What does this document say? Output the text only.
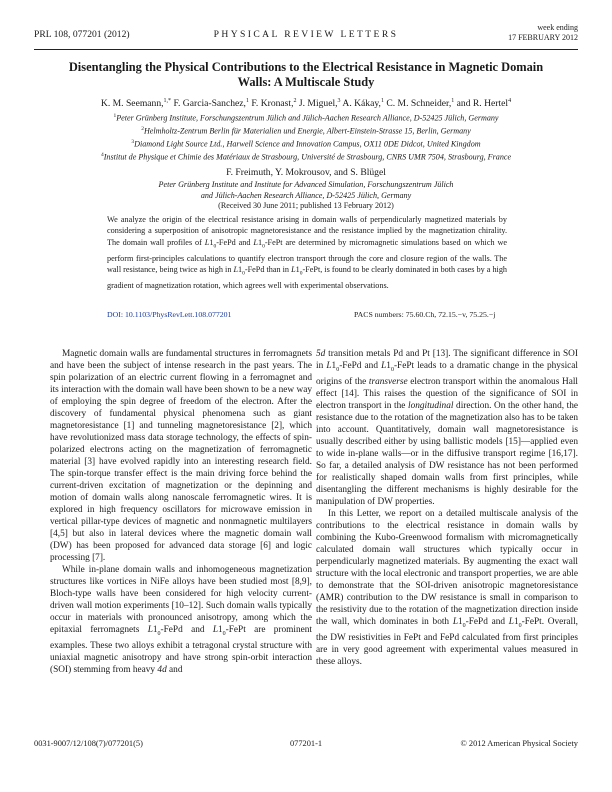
PRL 108, 077201 (2012)	PHYSICAL REVIEW LETTERS
week ending
17 FEBRUARY 2012
Disentangling the Physical Contributions to the Electrical Resistance in Magnetic Domain Walls: A Multiscale Study
K. M. Seemann,$^{1,*}$ F. Garcia-Sanchez,$^1$ F. Kronast,$^2$ J. Miguel,$^3$ A. Kákay,$^1$ C. M. Schneider,$^1$ and R. Hertel$^4$
$^1$Peter Grünberg Institute, Forschungszentrum Jülich and Jülich-Aachen Research Alliance, D-52425 Jülich, Germany
$^2$Helmholtz-Zentrum Berlin für Materialien und Energie, Albert-Einstein-Strasse 15, Berlin, Germany
$^3$Diamond Light Source Ltd., Harwell Science and Innovation Campus, OX11 0DE Didcot, United Kingdom
$^4$Institut de Physique et Chimie des Matériaux de Strasbourg, Université de Strasbourg, CNRS UMR 7504, Strasbourg, France
F. Freimuth, Y. Mokrousov, and S. Blügel
Peter Grünberg Institute and Institute for Advanced Simulation, Forschungszentrum Jülich
and Jülich-Aachen Research Alliance, D-52425 Jülich, Germany
(Received 30 June 2011; published 13 February 2012)
We analyze the origin of the electrical resistance arising in domain walls of perpendicularly magnetized materials by considering a superposition of anisotropic magnetoresistance and the resistance implied by the magnetization chirality. The domain wall profiles of $L1_0$-FePd and $L1_0$-FePt are determined by micromagnetic simulations based on which we perform first-principles calculations to quantify electron transport through the core and closure region of the walls. The wall resistance, being twice as high in $L1_0$-FePd than in $L1_0$-FePt, is found to be clearly dominated in both cases by a high gradient of magnetization rotation, which agrees well with experimental observations.
DOI: 10.1103/PhysRevLett.108.077201	PACS numbers: 75.60.Ch, 72.15.−v, 75.25.−j

Magnetic domain walls are fundamental structures in ferromagnets and have been the subject of intense research in the past years. The spin polarization of an electric current flowing in a ferromagnet and its interaction with the domain wall have been shown to be a new way of employing the spin degree of freedom of the electron. After the discovery of fundamental physical phenomena such as giant magnetoresistance [1] and tunneling magnetoresistance [2], which have revolutionized mass data storage technology, the effects of spin-polarized electrons acting on the magnetization of ferromagnetic material [3] have evolved rapidly into an interesting research field. The spin-torque transfer effect is the main driving force behind the current-driven excitation of magnetization or the depinning and motion of domain walls along nanoscale ferromagnetic wires. It is explored in high frequency oscillators for microwave emission in vertical pillar-type devices of magnetic and nonmagnetic multilayers [4,5] but also in lateral devices where the magnetic domain wall (DW) has been proposed for advanced data storage [6] and logic processing [7].

While in-plane domain walls and inhomogeneous magnetization structures like vortices in NiFe alloys have been studied most [8,9], Bloch-type walls have been considered for high velocity current-driven wall motion experiments [10–12]. Such domain walls typically occur in materials with pronounced anisotropy, among which the epitaxial ferromagnets $L1_0$-FePd and $L1_0$-FePt are prominent examples. These two alloys exhibit a tetragonal crystal structure with uniaxial magnetic anisotropy and have strong spin-orbit interaction (SOI) stemming from heavy 4d and

5d transition metals Pd and Pt [13]. The significant difference in SOI in $L1_0$-FePd and $L1_0$-FePt leads to a dramatic change in the physical origins of the transverse electron transport within the anomalous Hall effect [14]. This raises the question of the significance of SOI in electron transport in the longitudinal direction. On the other hand, the resistance due to the rotation of the magnetization also has to be taken into account. Quantitatively, domain wall magnetoresistance is usually described either by using ballistic models [15]—applied even to wide in-plane walls—or in the diffusive transport regime [16,17]. So far, a detailed analysis of DW resistance has not been performed for realistically shaped domain walls from first principles, while disentangling the different mechanisms is highly desirable for the manipulation of DW properties.

In this Letter, we report on a detailed multiscale analysis of the contributions to the electrical resistance in domain walls by combining the Kubo-Greenwood formalism with micromagnetically calculated domain wall structures which typically occur in perpendicularly magnetized materials. By augmenting the exact wall structure with the local electronic and transport properties, we are able to demonstrate that the SOI-driven anisotropic magnetoresistance (AMR) contribution to the DW resistance is small in comparison to the resistivity due to the rotation of the magnetization direction inside the wall, which dominates in both $L1_0$-FePd and $L1_0$-FePt. Overall, the DW resistivities in FePt and FePd calculated from first principles are in very good agreement with experimental values measured in these alloys.

0031-9007/12/108(7)/077201(5)	077201-1	© 2012 American Physical Society
